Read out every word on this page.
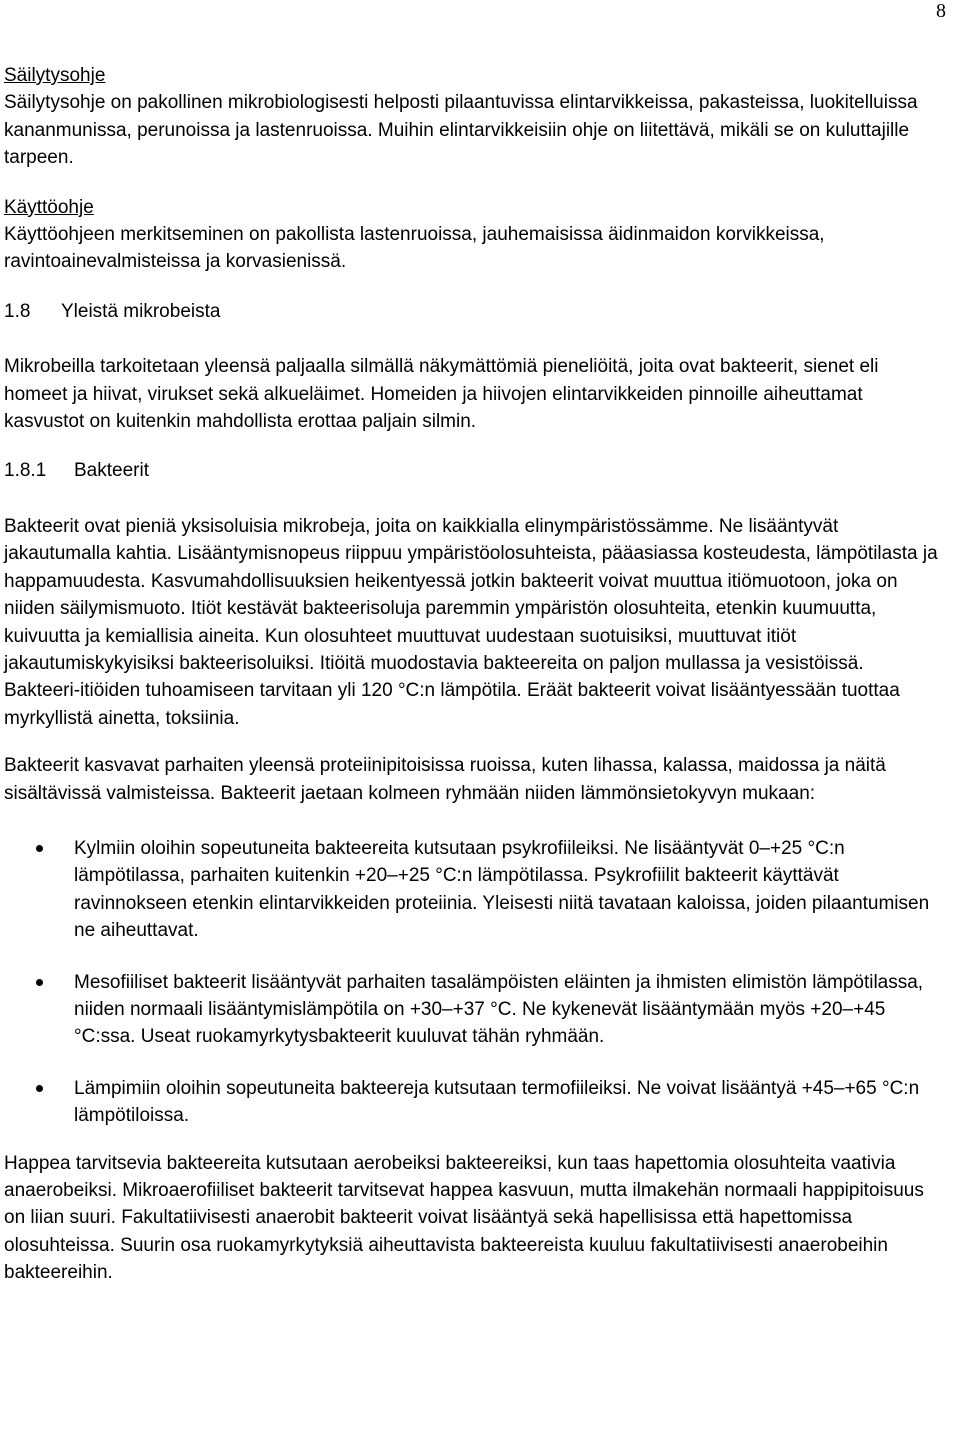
8

Säilytysohje

Säilytysohje on pakollinen mikrobiologisesti helposti pilaantuvissa elintarvikkeissa, pakasteissa, luokitelluissa kananmunissa, perunoissa ja lastenruoissa. Muihin elintarvikkeisiin ohje on liitettävä, mikäli se on kuluttajille tarpeen.

Käyttöohje

Käyttöohjeen merkitseminen on pakollista lastenruoissa, jauhemaisissa äidinmaidon korvikkeissa, ravintoainevalmisteissa ja korvasienissä.

1.8 Yleistä mikrobeista

Mikrobeilla tarkoitetaan yleensä paljaalla silmällä näkymättömiä pieneliöitä, joita ovat bakteerit, sienet eli homeet ja hiivat, virukset sekä alkueläimet. Homeiden ja hiivojen elintarvikkeiden pinnoille aiheuttamat kasvustot on kuitenkin mahdollista erottaa paljain silmin.

1.8.1 Bakteerit

Bakteerit ovat pieniä yksisoluisia mikrobeja, joita on kaikkialla elinympäristössämme. Ne lisääntyvät jakautumalla kahtia. Lisääntymisnopeus riippuu ympäristöolosuhteista, pääasiassa kosteudesta, lämpötilasta ja happamuudesta. Kasvumahdollisuuksien heikentyessä jotkin bakteerit voivat muuttua itiömuotoon, joka on niiden säilymismuoto. Itiöt kestävät bakteerisoluja paremmin ympäristön olosuhteita, etenkin kuumuutta, kuivuutta ja kemiallisia aineita. Kun olosuhteet muuttuvat uudestaan suotuisiksi, muuttuvat itiöt jakautumiskykyisiksi bakteerisoluiksi. Itiöitä muodostavia bakteereita on paljon mullassa ja vesistöissä. Bakteeri-itiöiden tuhoamiseen tarvitaan yli 120 °C:n lämpötila. Eräät bakteerit voivat lisääntyessään tuottaa myrkyllistä ainetta, toksiinia.

Bakteerit kasvavat parhaiten yleensä proteiinipitoisissa ruoissa, kuten lihassa, kalassa, maidossa ja näitä sisältävissä valmisteissa. Bakteerit jaetaan kolmeen ryhmään niiden lämmönsietokyvyn mukaan:

Kylmiin oloihin sopeutuneita bakteereita kutsutaan psykrofiileiksi. Ne lisääntyvät 0–+25 °C:n lämpötilassa, parhaiten kuitenkin +20–+25 °C:n lämpötilassa. Psykrofiilit bakteerit käyttävät ravinnokseen etenkin elintarvikkeiden proteiinia. Yleisesti niitä tavataan kaloissa, joiden pilaantumisen ne aiheuttavat.
Mesofiiliset bakteerit lisääntyvät parhaiten tasalämpöisten eläinten ja ihmisten elimistön lämpötilassa, niiden normaali lisääntymislämpötila on +30–+37 °C. Ne kykenevät lisääntymään myös +20–+45 °C:ssa. Useat ruokamyrkytysbakteerit kuuluvat tähän ryhmään.
Lämpimiin oloihin sopeutuneita bakteereja kutsutaan termofiileiksi. Ne voivat lisääntyä +45–+65 °C:n lämpötiloissa.

Happea tarvitsevia bakteereita kutsutaan aerobeiksi bakteereiksi, kun taas hapettomia olosuhteita vaativia anaerobeiksi. Mikroaerofiiliset bakteerit tarvitsevat happea kasvuun, mutta ilmakehän normaali happipitoisuus on liian suuri. Fakultatiivisesti anaerobit bakteerit voivat lisääntyä sekä hapellisissa että hapettomissa olosuhteissa. Suurin osa ruokamyrkytyksiä aiheuttavista bakteereista kuuluu fakultatiivisesti anaerobeihin bakteereihin.
